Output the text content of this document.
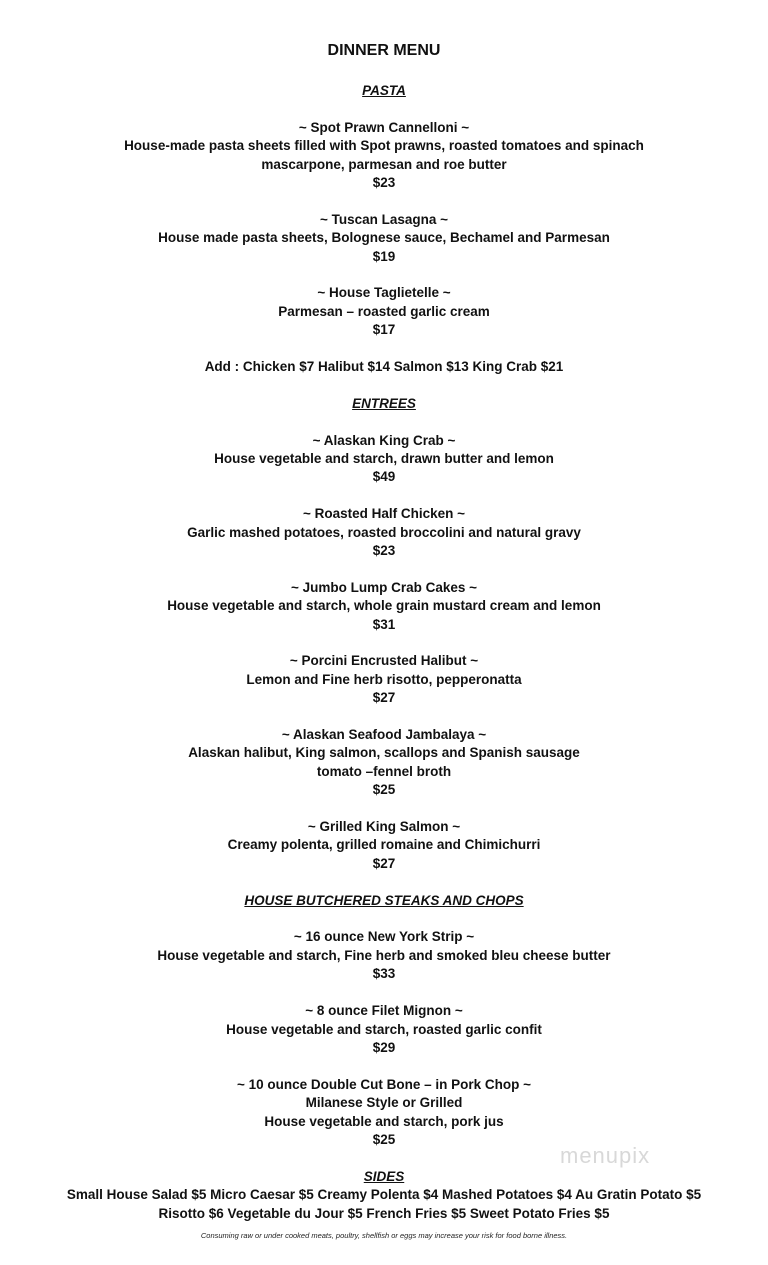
DINNER MENU
PASTA
~ Spot Prawn Cannelloni ~
House-made pasta sheets filled with Spot prawns, roasted tomatoes and spinach
mascarpone, parmesan and roe butter
$23
~ Tuscan Lasagna ~
House made pasta sheets, Bolognese sauce, Bechamel and Parmesan
$19
~ House Taglietelle ~
Parmesan – roasted garlic cream
$17
Add : Chicken $7 Halibut $14 Salmon $13 King Crab $21
ENTREES
~ Alaskan King Crab ~
House vegetable and starch, drawn butter and lemon
$49
~ Roasted Half Chicken ~
Garlic mashed potatoes, roasted broccolini and natural gravy
$23
~ Jumbo Lump Crab Cakes ~
House vegetable and starch, whole grain mustard cream and lemon
$31
~ Porcini Encrusted Halibut ~
Lemon and Fine herb risotto, pepperonatta
$27
~ Alaskan Seafood Jambalaya ~
Alaskan halibut, King salmon, scallops and Spanish sausage
tomato –fennel broth
$25
~ Grilled King Salmon ~
Creamy polenta, grilled romaine and Chimichurri
$27
HOUSE BUTCHERED STEAKS AND CHOPS
~ 16 ounce New York Strip ~
House vegetable and starch, Fine herb and smoked bleu cheese butter
$33
~ 8 ounce Filet Mignon ~
House vegetable and starch, roasted garlic confit
$29
~ 10 ounce Double Cut Bone – in Pork Chop ~
Milanese Style or Grilled
House vegetable and starch, pork jus
$25
SIDES
Small House Salad $5 Micro Caesar $5 Creamy Polenta $4 Mashed Potatoes $4 Au Gratin Potato $5
Risotto $6 Vegetable du Jour $5 French Fries $5 Sweet Potato Fries $5
Consuming raw or under cooked meats, poultry, shellfish or eggs may increase your risk for food borne illness.
menupix
